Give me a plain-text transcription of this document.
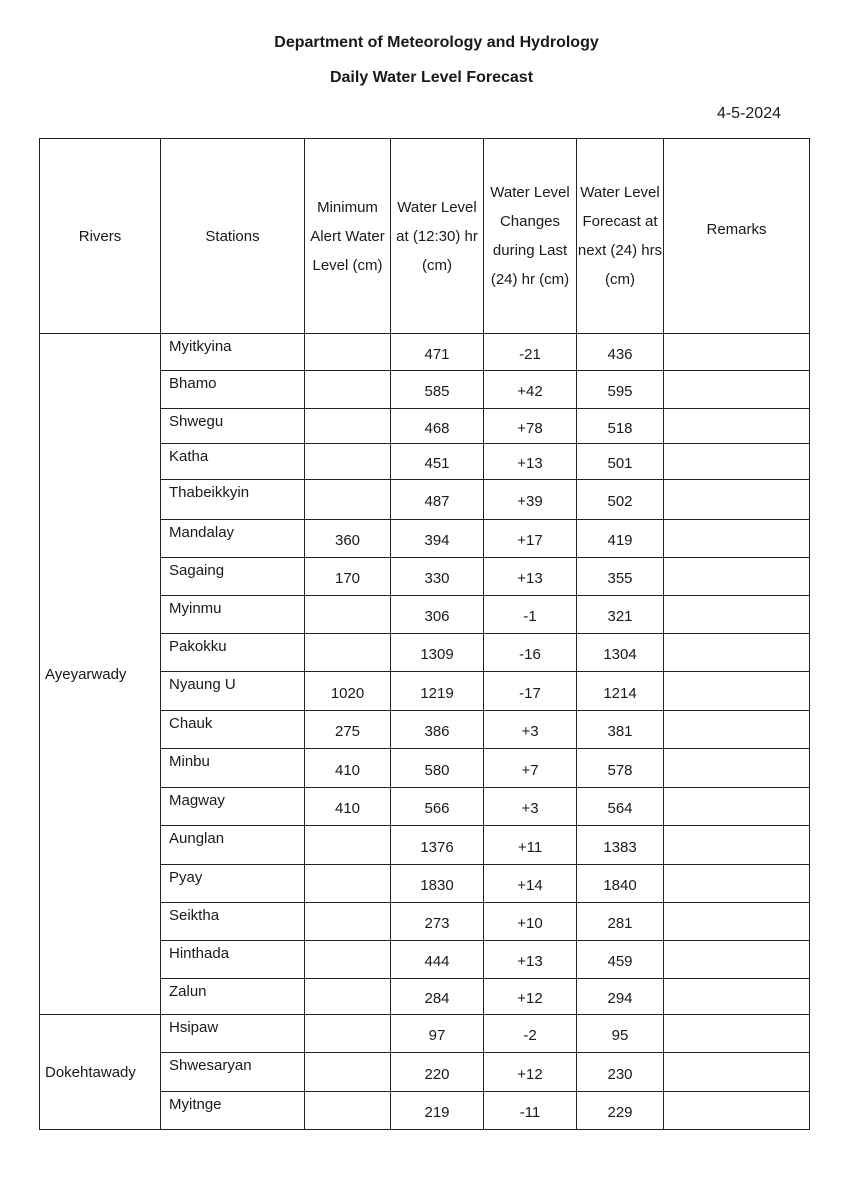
Department of Meteorology and Hydrology
Daily Water Level Forecast
4-5-2024
Rivers	Stations	Minimum Alert Water Level (cm)	Water Level at (12:30) hr (cm)	Water Level Changes during Last (24) hr (cm)	Water Level Forecast at next (24) hrs (cm)	Remarks
Ayeyarwady	Myitkyina		471	-21	436	
	Bhamo		585	+42	595	
	Shwegu		468	+78	518	
	Katha		451	+13	501	
	Thabeikkyin		487	+39	502	
	Mandalay	360	394	+17	419	
	Sagaing	170	330	+13	355	
	Myinmu		306	-1	321	
	Pakokku		1309	-16	1304	
	Nyaung U	1020	1219	-17	1214	
	Chauk	275	386	+3	381	
	Minbu	410	580	+7	578	
	Magway	410	566	+3	564	
	Aunglan		1376	+11	1383	
	Pyay		1830	+14	1840	
	Seiktha		273	+10	281	
	Hinthada		444	+13	459	
	Zalun		284	+12	294	
Dokehtawady	Hsipaw		97	-2	95	
	Shwesaryan		220	+12	230	
	Myitnge		219	-11	229	
